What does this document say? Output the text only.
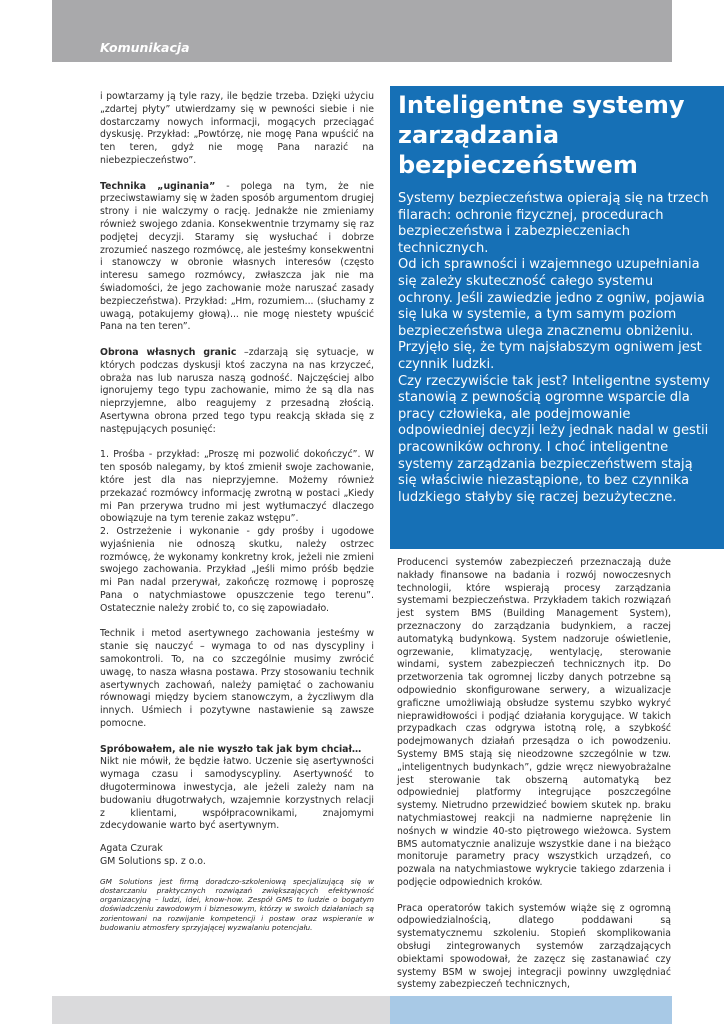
Komunikacja

i powtarzamy ją tyle razy, ile będzie trzeba. Dzięki użyciu „zdartej płyty” utwierdzamy się w pewności siebie i nie dostarczamy nowych informacji, mogących przeciągać dyskusję. Przykład: „Powtórzę, nie mogę Pana wpuścić na ten teren, gdyż nie mogę Pana narazić na niebezpieczeństwo”.

Technika „uginania” - polega na tym, że nie przeciwstawiamy się w żaden sposób argumentom drugiej strony i nie walczymy o rację. Jednakże nie zmieniamy również swojego zdania. Konsekwentnie trzymamy się raz podjętej decyzji. Staramy się wysłuchać i dobrze zrozumieć naszego rozmówcę, ale jesteśmy konsekwentni i stanowczy w obronie własnych interesów (często interesu samego rozmówcy, zwłaszcza jak nie ma świadomości, że jego zachowanie może naruszać zasady bezpieczeństwa). Przykład: „Hm, rozumiem... (słuchamy z uwagą, potakujemy głową)... nie mogę niestety wpuścić Pana na ten teren”.

Obrona własnych granic –zdarzają się sytuacje, w których podczas dyskusji ktoś zaczyna na nas krzyczeć, obraża nas lub narusza naszą godność. Najczęściej albo ignorujemy tego typu zachowanie, mimo że są dla nas nieprzyjemne, albo reagujemy z przesadną złością. Asertywna obrona przed tego typu reakcją składa się z następujących posunięć:

1. Prośba - przykład: „Proszę mi pozwolić dokończyć”. W ten sposób nalegamy, by ktoś zmienił swoje zachowanie, które jest dla nas nieprzyjemne. Możemy również przekazać rozmówcy informację zwrotną w postaci „Kiedy mi Pan przerywa trudno mi jest wytłumaczyć dlaczego obowiązuje na tym terenie zakaz wstępu”.

2. Ostrzeżenie i wykonanie - gdy prośby i ugodowe wyjaśnienia nie odnoszą skutku, należy ostrzec rozmówcę, że wykonamy konkretny krok, jeżeli nie zmieni swojego zachowania. Przykład „Jeśli mimo próśb będzie mi Pan nadal przerywał, zakończę rozmowę i poproszę Pana o natychmiastowe opuszczenie tego terenu”. Ostatecznie należy zrobić to, co się zapowiadało.

Technik i metod asertywnego zachowania jesteśmy w stanie się nauczyć – wymaga to od nas dyscypliny i samokontroli. To, na co szczególnie musimy zwrócić uwagę, to nasza własna postawa. Przy stosowaniu technik asertywnych zachowań, należy pamiętać o zachowaniu równowagi między byciem stanowczym, a życzliwym dla innych. Uśmiech i pozytywne nastawienie są zawsze pomocne.

Spróbowałem, ale nie wyszło tak jak bym chciał…
Nikt nie mówił, że będzie łatwo. Uczenie się asertywności wymaga czasu i samodyscypliny. Asertywność to długoterminowa inwestycja, ale jeżeli zależy nam na budowaniu długotrwałych, wzajemnie korzystnych relacji z klientami, współpracownikami, znajomymi zdecydowanie warto być asertywnym.

Agata Czurak

GM Solutions sp. z o.o.

GM Solutions jest firmą doradczo-szkoleniową specjalizującą się w dostarczaniu praktycznych rozwiązań zwiększających efektywność organizacyjną – ludzi, idei, know-how. Zespół GMS to ludzie o bogatym doświadczeniu zawodowym i biznesowym, którzy w swoich działaniach są zorientowani na rozwijanie kompetencji i postaw oraz wspieranie w budowaniu atmosfery sprzyjającej wyzwalaniu potencjału.
Inteligentne systemy zarządzania bezpieczeństwem

Systemy bezpieczeństwa opierają się na trzech filarach: ochronie fizycznej, procedurach bezpieczeństwa i zabezpieczeniach technicznych.

Od ich sprawności i wzajemnego uzupełniania się zależy skuteczność całego systemu ochrony. Jeśli zawiedzie jedno z ogniw, pojawia się luka w systemie, a tym samym poziom bezpieczeństwa ulega znacznemu obniżeniu.

Przyjęło się, że tym najsłabszym ogniwem jest czynnik ludzki.

Czy rzeczywiście tak jest? Inteligentne systemy stanowią z pewnością ogromne wsparcie dla pracy człowieka, ale podejmowanie odpowiedniej decyzji leży jednak nadal w gestii pracowników ochrony. I choć inteligentne systemy zarządzania bezpieczeństwem stają się właściwie niezastąpione, to bez czynnika ludzkiego stałyby się raczej bezużyteczne.

Producenci systemów zabezpieczeń przeznaczają duże nakłady finansowe na badania i rozwój nowoczesnych technologii, które wspierają procesy zarządzania systemami bezpieczeństwa. Przykładem takich rozwiązań jest system BMS (Building Management System), przeznaczony do zarządzania budynkiem, a raczej automatyką budynkową. System nadzoruje oświetlenie, ogrzewanie, klimatyzację, wentylację, sterowanie windami, system zabezpieczeń technicznych itp. Do przetworzenia tak ogromnej liczby danych potrzebne są odpowiednio skonfigurowane serwery, a wizualizacje graficzne umożliwiają obsłudze systemu szybko wykryć nieprawidłowości i podjąć działania korygujące. W takich przypadkach czas odgrywa istotną rolę, a szybkość podejmowanych działań przesądza o ich powodzeniu. Systemy BMS stają się nieodzowne szczególnie w tzw. „inteligentnych budynkach”, gdzie wręcz niewyobrażalne jest sterowanie tak obszerną automatyką bez odpowiedniej platformy integrujące poszczególne systemy. Nietrudno przewidzieć bowiem skutek np. braku natychmiastowej reakcji na nadmierne naprężenie lin nośnych w windzie 40-sto piętrowego wieżowca. System BMS automatycznie analizuje wszystkie dane i na bieżąco monitoruje parametry pracy wszystkich urządzeń, co pozwala na natychmiastowe wykrycie takiego zdarzenia i podjęcie odpowiednich kroków.

Praca operatorów takich systemów wiąże się z ogromną odpowiedzialnością, dlatego poddawani są systematycznemu szkoleniu. Stopień skomplikowania obsługi zintegrowanych systemów zarządzających obiektami spowodował, że zazęcz się zastanawiać czy systemy BSM w swojej integracji powinny uwzględniać systemy zabezpieczeń technicznych,
